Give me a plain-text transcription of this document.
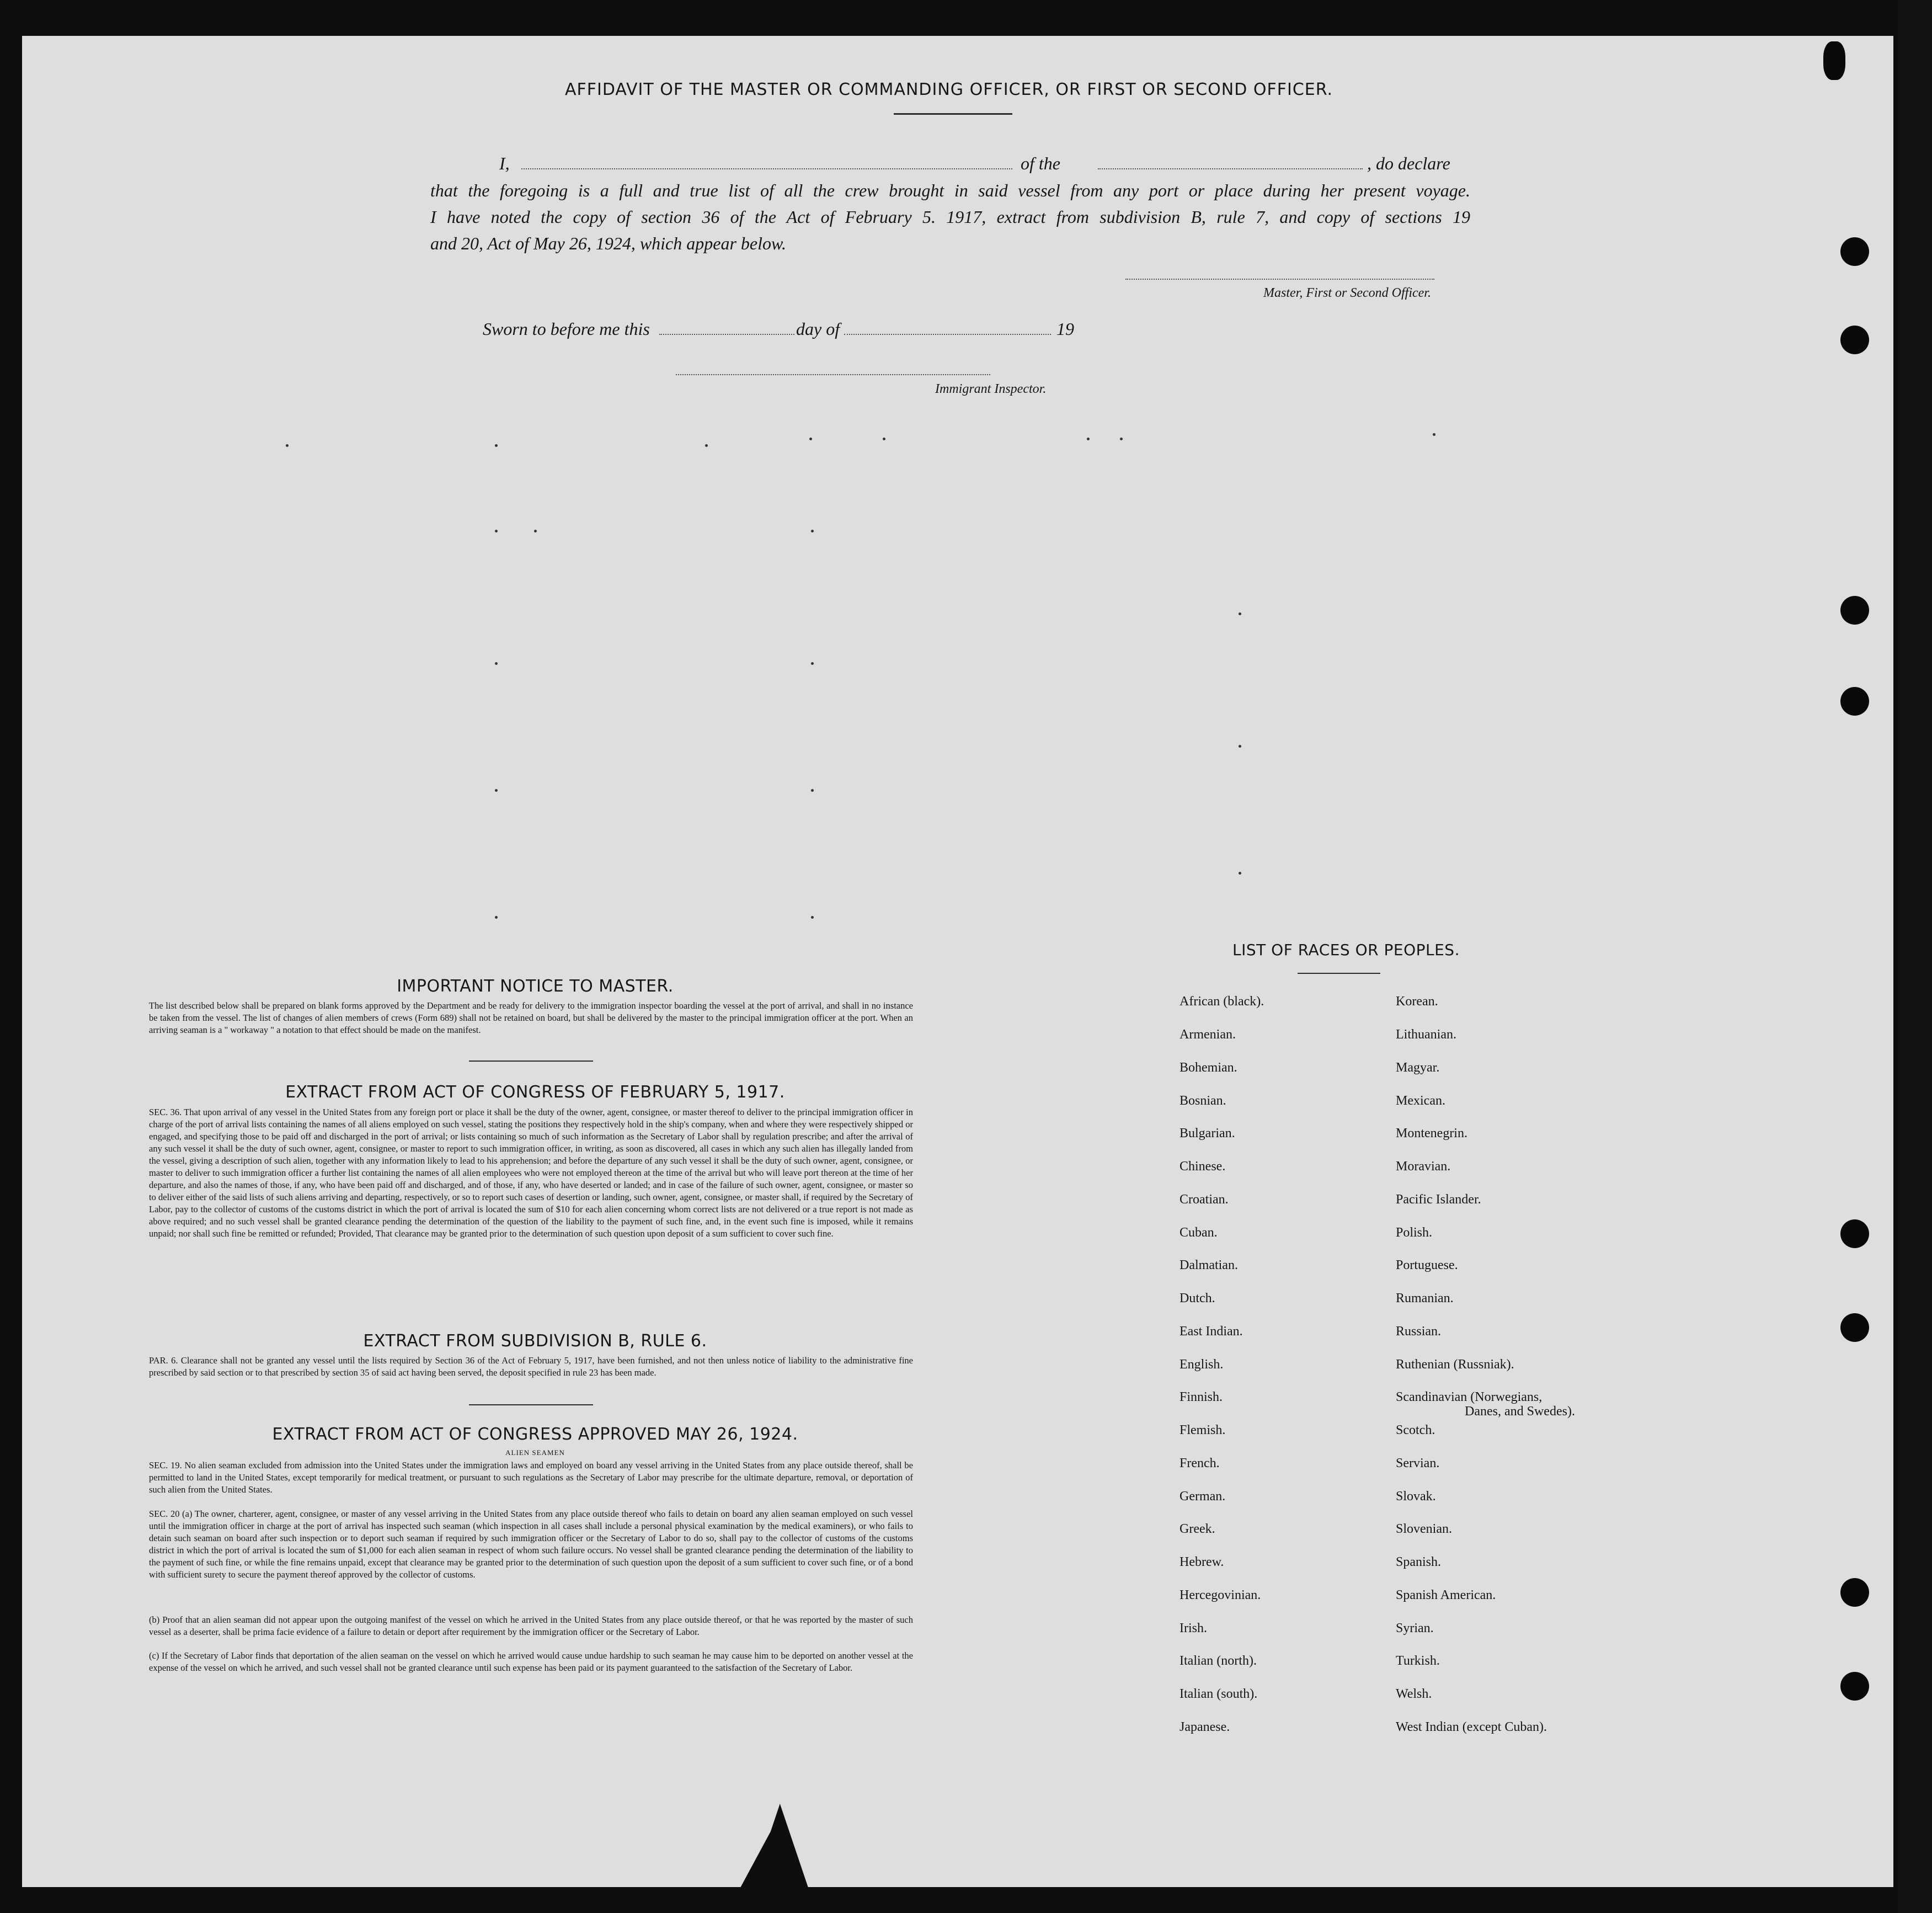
AFFIDAVIT OF THE MASTER OR COMMANDING OFFICER, OR FIRST OR SECOND OFFICER.
I,	of the	, do declare
that the foregoing is a full and true list of all the crew brought in said vessel from any port or place during her present voyage.
I have noted the copy of section 36 of the Act of February 5. 1917, extract from subdivision B, rule 7, and copy of sections 19
and 20, Act of May 26, 1924, which appear below.
Master, First or Second Officer.
Sworn to before me this	day of	19
Immigrant Inspector.
IMPORTANT NOTICE TO MASTER.
The list described below shall be prepared on blank forms approved by the Department and be ready for delivery to the immigration inspector boarding the vessel at the port of arrival, and shall in no instance be taken from the vessel. The list of changes of alien members of crews (Form 689) shall not be retained on board, but shall be delivered by the master to the principal immigration officer at the port. When an arriving seaman is a " workaway " a notation to that effect should be made on the manifest.
EXTRACT FROM ACT OF CONGRESS OF FEBRUARY 5, 1917.
SEC. 36. That upon arrival of any vessel in the United States from any foreign port or place it shall be the duty of the owner, agent, consignee, or master thereof to deliver to the principal immigration officer in charge of the port of arrival lists containing the names of all aliens employed on such vessel, stating the positions they respectively hold in the ship's company, when and where they were respectively shipped or engaged, and specifying those to be paid off and discharged in the port of arrival; or lists containing so much of such information as the Secretary of Labor shall by regulation prescribe; and after the arrival of any such vessel it shall be the duty of such owner, agent, consignee, or master to report to such immigration officer, in writing, as soon as discovered, all cases in which any such alien has illegally landed from the vessel, giving a description of such alien, together with any information likely to lead to his apprehension; and before the departure of any such vessel it shall be the duty of such owner, agent, consignee, or master to deliver to such immigration officer a further list containing the names of all alien employees who were not employed thereon at the time of the arrival but who will leave port thereon at the time of her departure, and also the names of those, if any, who have been paid off and discharged, and of those, if any, who have deserted or landed; and in case of the failure of such owner, agent, consignee, or master so to deliver either of the said lists of such aliens arriving and departing, respectively, or so to report such cases of desertion or landing, such owner, agent, consignee, or master shall, if required by the Secretary of Labor, pay to the collector of customs of the customs district in which the port of arrival is located the sum of $10 for each alien concerning whom correct lists are not delivered or a true report is not made as above required; and no such vessel shall be granted clearance pending the determination of the question of the liability to the payment of such fine, and, in the event such fine is imposed, while it remains unpaid; nor shall such fine be remitted or refunded; Provided, That clearance may be granted prior to the determination of such question upon deposit of a sum sufficient to cover such fine.
EXTRACT FROM SUBDIVISION B, RULE 6.
PAR. 6. Clearance shall not be granted any vessel until the lists required by Section 36 of the Act of February 5, 1917, have been furnished, and not then unless notice of liability to the administrative fine prescribed by said section or to that prescribed by section 35 of said act having been served, the deposit specified in rule 23 has been made.
EXTRACT FROM ACT OF CONGRESS APPROVED MAY 26, 1924.
ALIEN SEAMEN
SEC. 19. No alien seaman excluded from admission into the United States under the immigration laws and employed on board any vessel arriving in the United States from any place outside thereof, shall be permitted to land in the United States, except temporarily for medical treatment, or pursuant to such regulations as the Secretary of Labor may prescribe for the ultimate departure, removal, or deportation of such alien from the United States.
SEC. 20 (a) The owner, charterer, agent, consignee, or master of any vessel arriving in the United States from any place outside thereof who fails to detain on board any alien seaman employed on such vessel until the immigration officer in charge at the port of arrival has inspected such seaman (which inspection in all cases shall include a personal physical examination by the medical examiners), or who fails to detain such seaman on board after such inspection or to deport such seaman if required by such immigration officer or the Secretary of Labor to do so, shall pay to the collector of customs of the customs district in which the port of arrival is located the sum of $1,000 for each alien seaman in respect of whom such failure occurs. No vessel shall be granted clearance pending the determination of the liability to the payment of such fine, or while the fine remains unpaid, except that clearance may be granted prior to the determination of such question upon the deposit of a sum sufficient to cover such fine, or of a bond with sufficient surety to secure the payment thereof approved by the collector of customs.
(b) Proof that an alien seaman did not appear upon the outgoing manifest of the vessel on which he arrived in the United States from any place outside thereof, or that he was reported by the master of such vessel as a deserter, shall be prima facie evidence of a failure to detain or deport after requirement by the immigration officer or the Secretary of Labor.
(c) If the Secretary of Labor finds that deportation of the alien seaman on the vessel on which he arrived would cause undue hardship to such seaman he may cause him to be deported on another vessel at the expense of the vessel on which he arrived, and such vessel shall not be granted clearance until such expense has been paid or its payment guaranteed to the satisfaction of the Secretary of Labor.
LIST OF RACES OR PEOPLES.
African (black).
Armenian.
Bohemian.
Bosnian.
Bulgarian.
Chinese.
Croatian.
Cuban.
Dalmatian.
Dutch.
East Indian.
English.
Finnish.
Flemish.
French.
German.
Greek.
Hebrew.
Hercegovinian.
Irish.
Italian (north).
Italian (south).
Japanese.
Korean.
Lithuanian.
Magyar.
Mexican.
Montenegrin.
Moravian.
Pacific Islander.
Polish.
Portuguese.
Rumanian.
Russian.
Ruthenian (Russniak).
Scandinavian (Norwegians,
Danes, and Swedes).
Scotch.
Servian.
Slovak.
Slovenian.
Spanish.
Spanish American.
Syrian.
Turkish.
Welsh.
West Indian (except Cuban).
